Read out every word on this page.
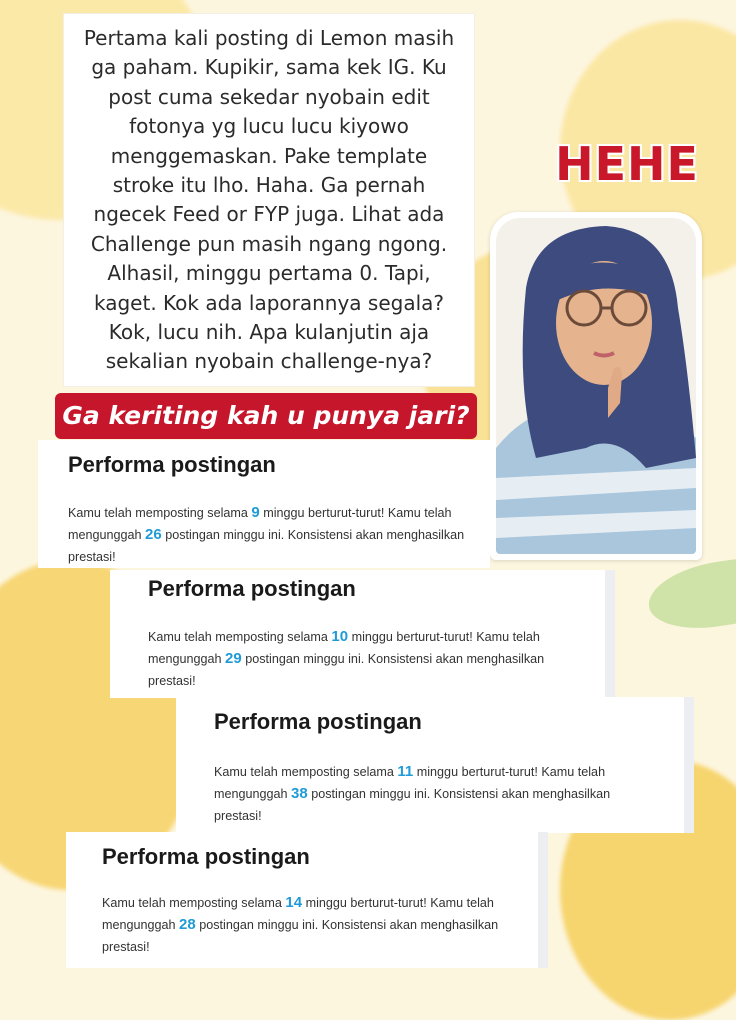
Pertama kali posting di Lemon masih
ga paham. Kupikir, sama kek IG. Ku
post cuma sekedar nyobain edit
fotonya yg lucu lucu kiyowo
menggemaskan. Pake template
stroke itu lho. Haha. Ga pernah
ngecek Feed or FYP juga. Lihat ada
Challenge pun masih ngang ngong.
Alhasil, minggu pertama 0. Tapi,
kaget. Kok ada laporannya segala?
Kok, lucu nih. Apa kulanjutin aja
sekalian nyobain challenge-nya?

HEHE
Ga keriting kah u punya jari?
Performa postingan
Kamu telah memposting selama 9 minggu berturut-turut! Kamu telah mengunggah 26 postingan minggu ini. Konsistensi akan menghasilkan prestasi!
Performa postingan
Kamu telah memposting selama 10 minggu berturut-turut! Kamu telah mengunggah 29 postingan minggu ini. Konsistensi akan menghasilkan prestasi!
Performa postingan
Kamu telah memposting selama 11 minggu berturut-turut! Kamu telah mengunggah 38 postingan minggu ini. Konsistensi akan menghasilkan prestasi!
Performa postingan
Kamu telah memposting selama 14 minggu berturut-turut! Kamu telah mengunggah 28 postingan minggu ini. Konsistensi akan menghasilkan prestasi!
